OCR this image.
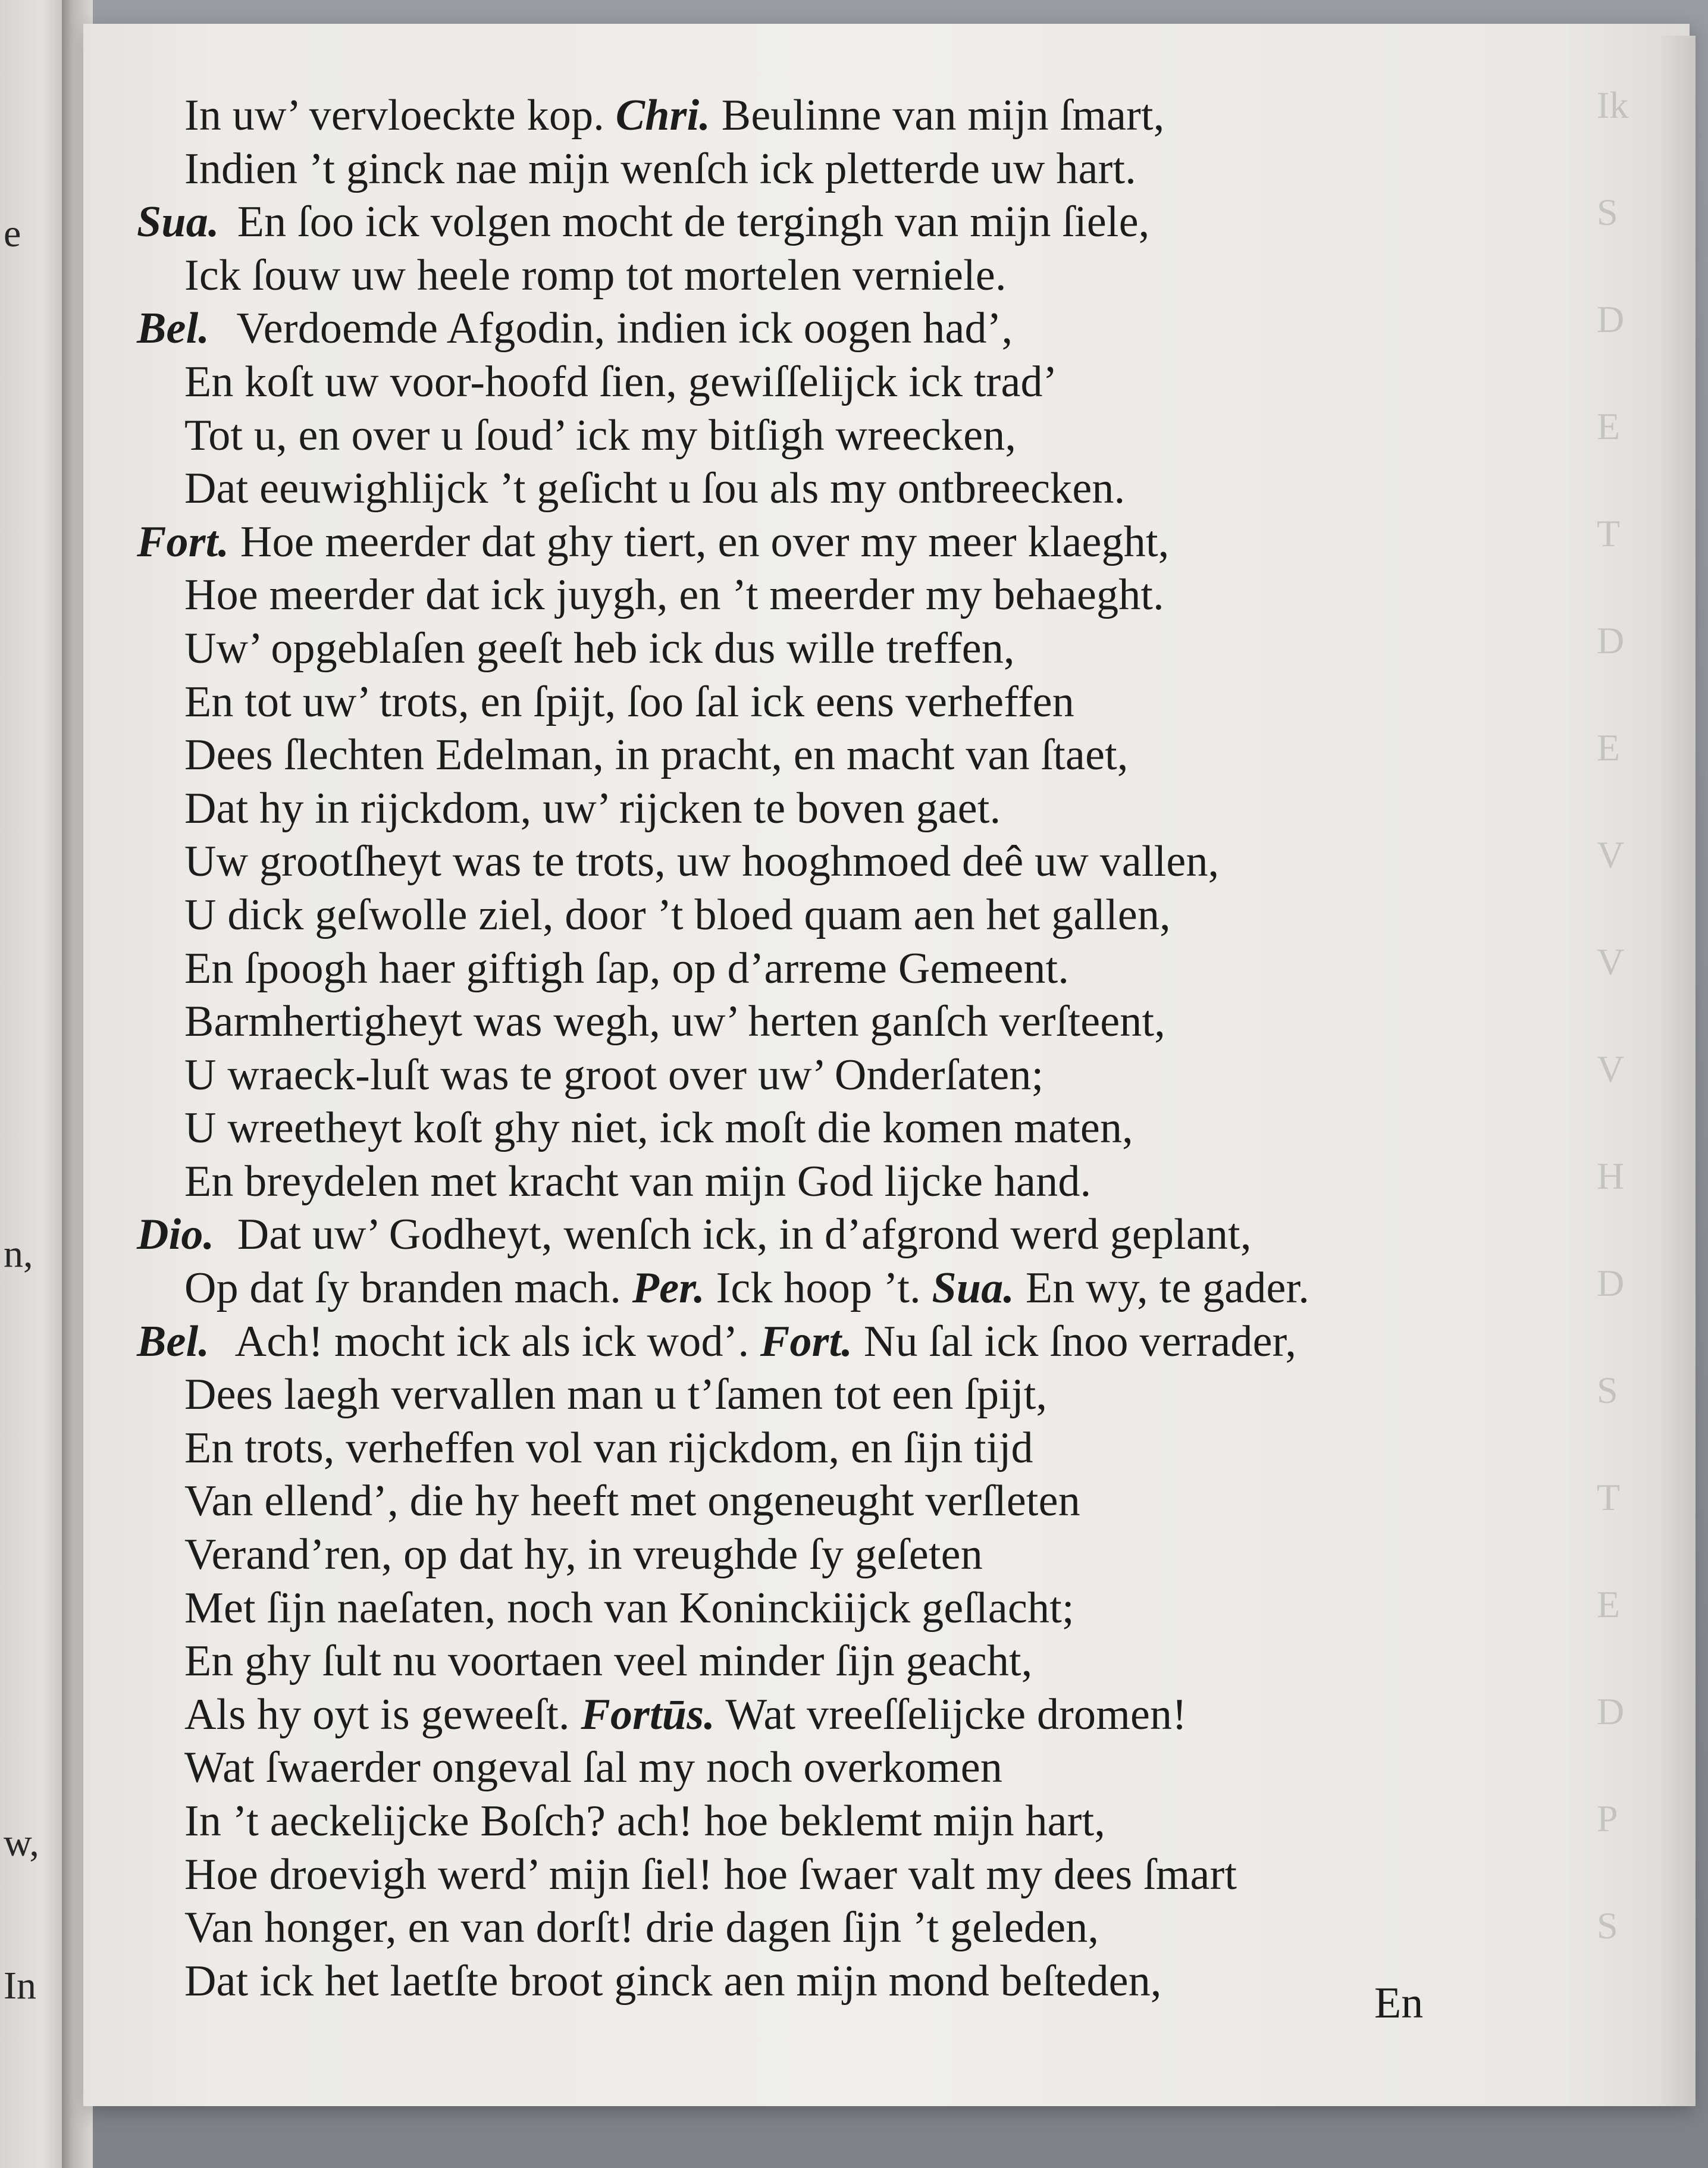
e
n,
w,
In
Ik
S
D
E
T
D
E
V
V
V
H
D
S
T
E
D
P
S
In uw’ vervloeckte kop. Chri. Beulinne van mijn ſmart,
Indien ’t ginck nae mijn wenſch ick pletterde uw hart.
Sua. En ſoo ick volgen mocht de tergingh van mijn ſiele,
Ick ſouw uw heele romp tot mortelen verniele.
Bel. Verdoemde Afgodin, indien ick oogen had’,
En koſt uw voor-hoofd ſien, gewiſſelijck ick trad’
Tot u, en over u ſoud’ ick my bitſigh wreecken,
Dat eeuwighlijck ’t geſicht u ſou als my ontbreecken.
Fort. Hoe meerder dat ghy tiert, en over my meer klaeght,
Hoe meerder dat ick juygh, en ’t meerder my behaeght.
Uw’ opgeblaſen geeſt heb ick dus wille treffen,
En tot uw’ trots, en ſpijt, ſoo ſal ick eens verheffen
Dees ſlechten Edelman, in pracht, en macht van ſtaet,
Dat hy in rijckdom, uw’ rijcken te boven gaet.
Uw grootſheyt was te trots, uw hooghmoed deê uw vallen,
U dick geſwolle ziel, door ’t bloed quam aen het gallen,
En ſpoogh haer giftigh ſap, op d’arreme Gemeent.
Barmhertigheyt was wegh, uw’ herten ganſch verſteent,
U wraeck-luſt was te groot over uw’ Onderſaten;
U wreetheyt koſt ghy niet, ick moſt die komen maten,
En breydelen met kracht van mijn God lijcke hand.
Dio. Dat uw’ Godheyt, wenſch ick, in d’afgrond werd geplant,
Op dat ſy branden mach. Per. Ick hoop ’t. Sua. En wy, te gader.
Bel. Ach! mocht ick als ick wod’. Fort. Nu ſal ick ſnoo verrader,
Dees laegh vervallen man u t’ſamen tot een ſpijt,
En trots, verheffen vol van rijckdom, en ſijn tijd
Van ellend’, die hy heeft met ongeneught verſleten
Verand’ren, op dat hy, in vreughde ſy geſeten
Met ſijn naeſaten, noch van Koninckiijck geſlacht;
En ghy ſult nu voortaen veel minder ſijn geacht,
Als hy oyt is geweeſt. Fortūs. Wat vreeſſelijcke dromen!
Wat ſwaerder ongeval ſal my noch overkomen
In ’t aeckelijcke Boſch? ach! hoe beklemt mijn hart,
Hoe droevigh werd’ mijn ſiel! hoe ſwaer valt my dees ſmart
Van honger, en van dorſt! drie dagen ſijn ’t geleden,
Dat ick het laetſte broot ginck aen mijn mond beſteden,	En
